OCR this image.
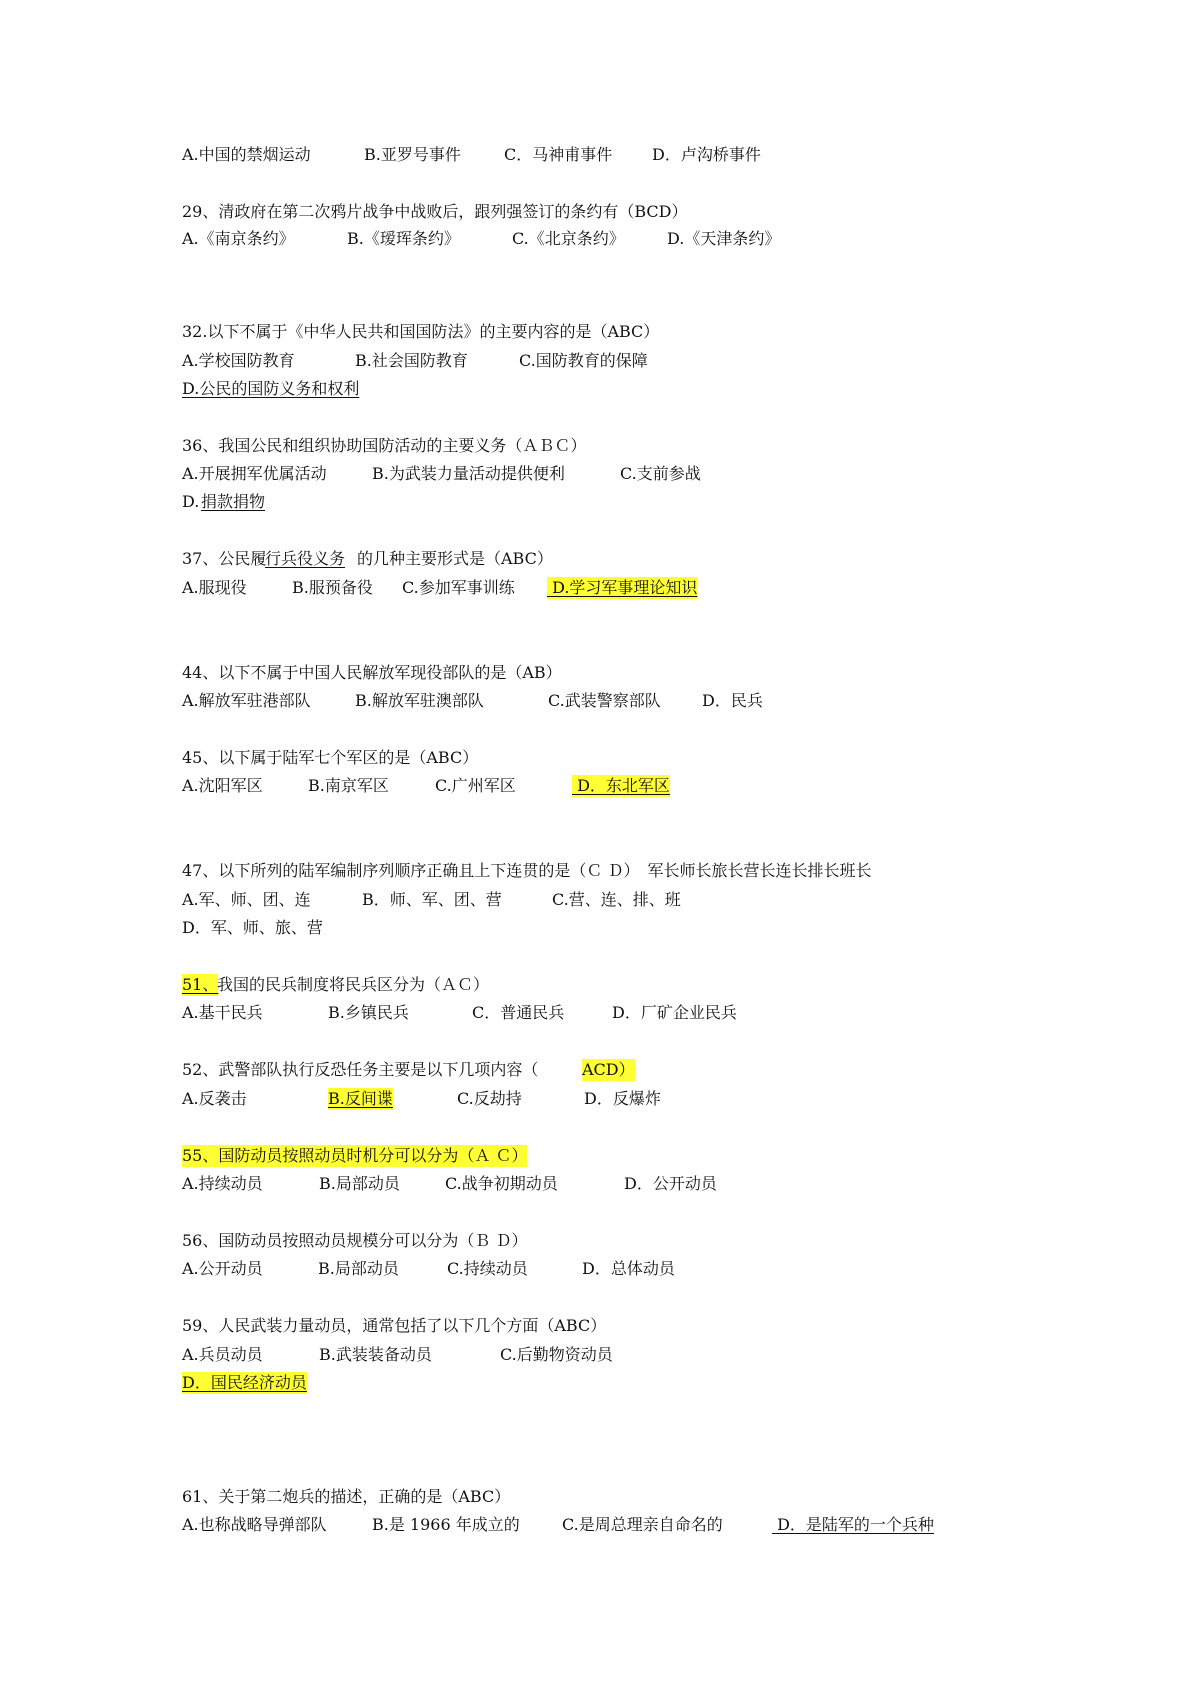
A.中国的禁烟运动

	B.亚罗号事件

	C．马神甫事件

D．卢沟桥事件

29、清政府在第二次鸦片战争中战败后，跟列强签订的条约有（BCD）

A.《南京条约》

	B.《瑷珲条约》

	C.《北京条约》

	D.《天津条约》

32.以下不属于《中华人民共和国国防法》的主要内容的是（ABC）

A.学校国防教育

	B.社会国防教育

	C.国防教育的保障

D.公民的国防义务和权利

36、我国公民和组织协助国防活动的主要义务（ＡＢＣ）

A.开展拥军优属活动

	B.为武装力量活动提供便利

	C.支前参战

D.

捐款捐物

37、公民履

行兵役义务

的几种主要形式是（ABC）

A.服现役

	B.服预备役

C.参加军事训练

D.学习军事理论知识

44、以下不属于中国人民解放军现役部队的是（AB）

A.解放军驻港部队

	B.解放军驻澳部队

	C.武装警察部队

	D．民兵

45、以下属于陆军七个军区的是（ABC）

A.沈阳军区

	B.南京军区

	C.广州军区

	D．东北军区

47、以下所列的陆军编制序列顺序正确且上下连贯的是（Ｃ Ｄ）　军长师长旅长营长连长排长班长

A.军、师、团、连

	B．师、军、团、营

	C.营、连、排、班

D．军、师、旅、营

51、

我国的民兵制度将民兵区分为（ＡＣ）

A.基干民兵

	B.乡镇民兵

	C．普通民兵

	D．厂矿企业民兵

52、武警部队执行反恐任务主要是以下几项内容（

	ACD）

A.反袭击

	B.反间谍

	C.反劫持

	D．反爆炸

55、国防动员按照动员时机分可以分为（Ａ Ｃ）

A.持续动员

	B.局部动员

	C.战争初期动员

	D．公开动员

56、国防动员按照动员规模分可以分为（Ｂ Ｄ）

A.公开动员

	B.局部动员

	C.持续动员

	D．总体动员

59、人民武装力量动员，通常包括了以下几个方面（ABC）

A.兵员动员

	B.武装装备动员

	C.后勤物资动员

D．国民经济动员

61、关于第二炮兵的描述，正确的是（ABC）

A.也称战略导弹部队

	B.是 1966 年成立的

	C.是周总理亲自命名的

	D．是陆军的一个兵种
